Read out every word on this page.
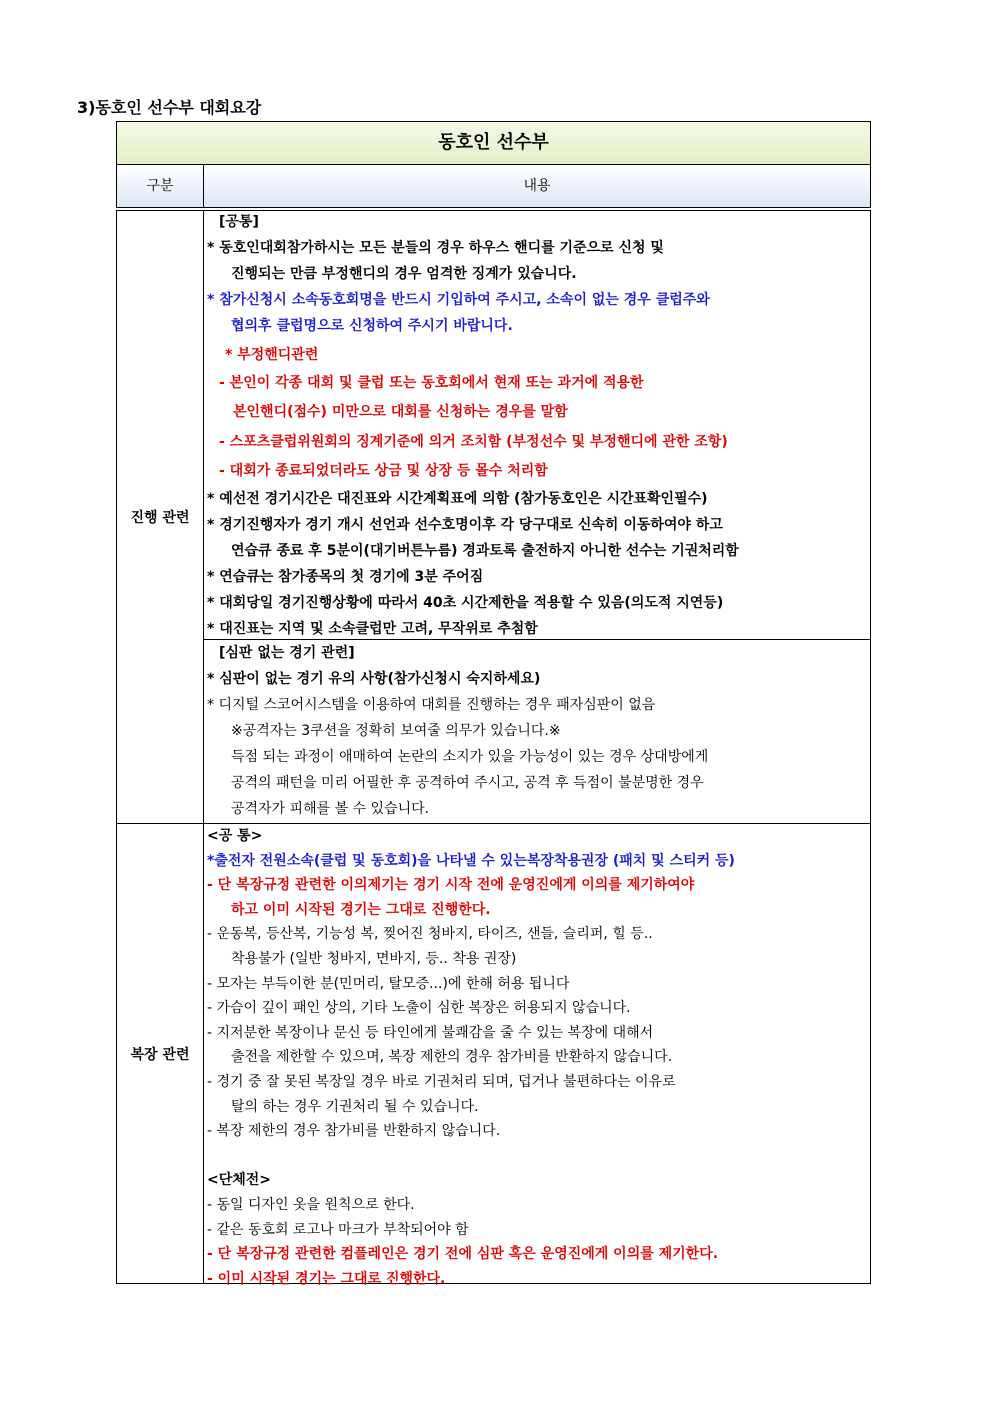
3)동호인 선수부 대회요강
동호인 선수부
구분	내용
진행 관련
복장 관련
[공통]
* 동호인대회참가하시는 모든 분들의 경우 하우스 핸디를 기준으로 신청 및
진행되는 만큼 부정핸디의 경우 엄격한 징계가 있습니다.
* 참가신청시 소속동호회명을 반드시 기입하여 주시고, 소속이 없는 경우 클럽주와
협의후 클럽명으로 신청하여 주시기 바랍니다.
* 부정핸디관련
- 본인이 각종 대회 및 클럽 또는 동호회에서 현재 또는 과거에 적용한
본인핸디(점수) 미만으로 대회를 신청하는 경우를 말함
- 스포츠클럽위원회의 징계기준에 의거 조치함 (부정선수 및 부정핸디에 관한 조항)
- 대회가 종료되었더라도 상금 및 상장 등 몰수 처리함
* 예선전 경기시간은 대진표와 시간계획표에 의함 (참가동호인은 시간표확인필수)
* 경기진행자가 경기 개시 선언과 선수호명이후 각 당구대로 신속히 이동하여야 하고
연습큐 종료 후 5분이(대기버튼누름) 경과토록 출전하지 아니한 선수는 기권처리함
* 연습큐는 참가종목의 첫 경기에 3분 주어짐
* 대회당일 경기진행상황에 따라서 40초 시간제한을 적용할 수 있음(의도적 지연등)
* 대진표는 지역 및 소속클럽만 고려, 무작위로 추첨함
[심판 없는 경기 관련]
* 심판이 없는 경기 유의 사항(참가신청시 숙지하세요)
* 디지털 스코어시스템을 이용하여 대회를 진행하는 경우 패자심판이 없음
※공격자는 3쿠션을 정확히 보여줄 의무가 있습니다.※
득점 되는 과정이 애매하여 논란의 소지가 있을 가능성이 있는 경우 상대방에게
공격의 패턴을 미리 어필한 후 공격하여 주시고, 공격 후 득점이 불분명한 경우
공격자가 피해를 볼 수 있습니다.
<공 통>
*출전자 전원소속(클럽 및 동호회)을 나타낼 수 있는복장착용권장 (패치 및 스티커 등)
- 단 복장규정 관련한 이의제기는 경기 시작 전에 운영진에게 이의를 제기하여야
하고 이미 시작된 경기는 그대로 진행한다.
- 운동복, 등산복, 기능성 복, 찢어진 청바지, 타이즈, 샌들, 슬리퍼, 힐 등..
착용불가 (일반 청바지, 면바지, 등.. 착용 권장)
- 모자는 부득이한 분(민머리, 탈모증...)에 한해 허용 됩니다
- 가슴이 깊이 패인 상의, 기타 노출이 심한 복장은 허용되지 않습니다.
- 지저분한 복장이나 문신 등 타인에게 불쾌감을 줄 수 있는 복장에 대해서
출전을 제한할 수 있으며, 복장 제한의 경우 참가비를 반환하지 않습니다.
- 경기 중 잘 못된 복장일 경우 바로 기권처리 되며, 덥거나 불편하다는 이유로
탈의 하는 경우 기권처리 될 수 있습니다.
- 복장 제한의 경우 참가비를 반환하지 않습니다.
<단체전>
- 동일 디자인 옷을 원칙으로 한다.
- 같은 동호회 로고나 마크가 부착되어야 함
- 단 복장규정 관련한 컴플레인은 경기 전에 심판 혹은 운영진에게 이의를 제기한다.
- 이미 시작된 경기는 그대로 진행한다.
